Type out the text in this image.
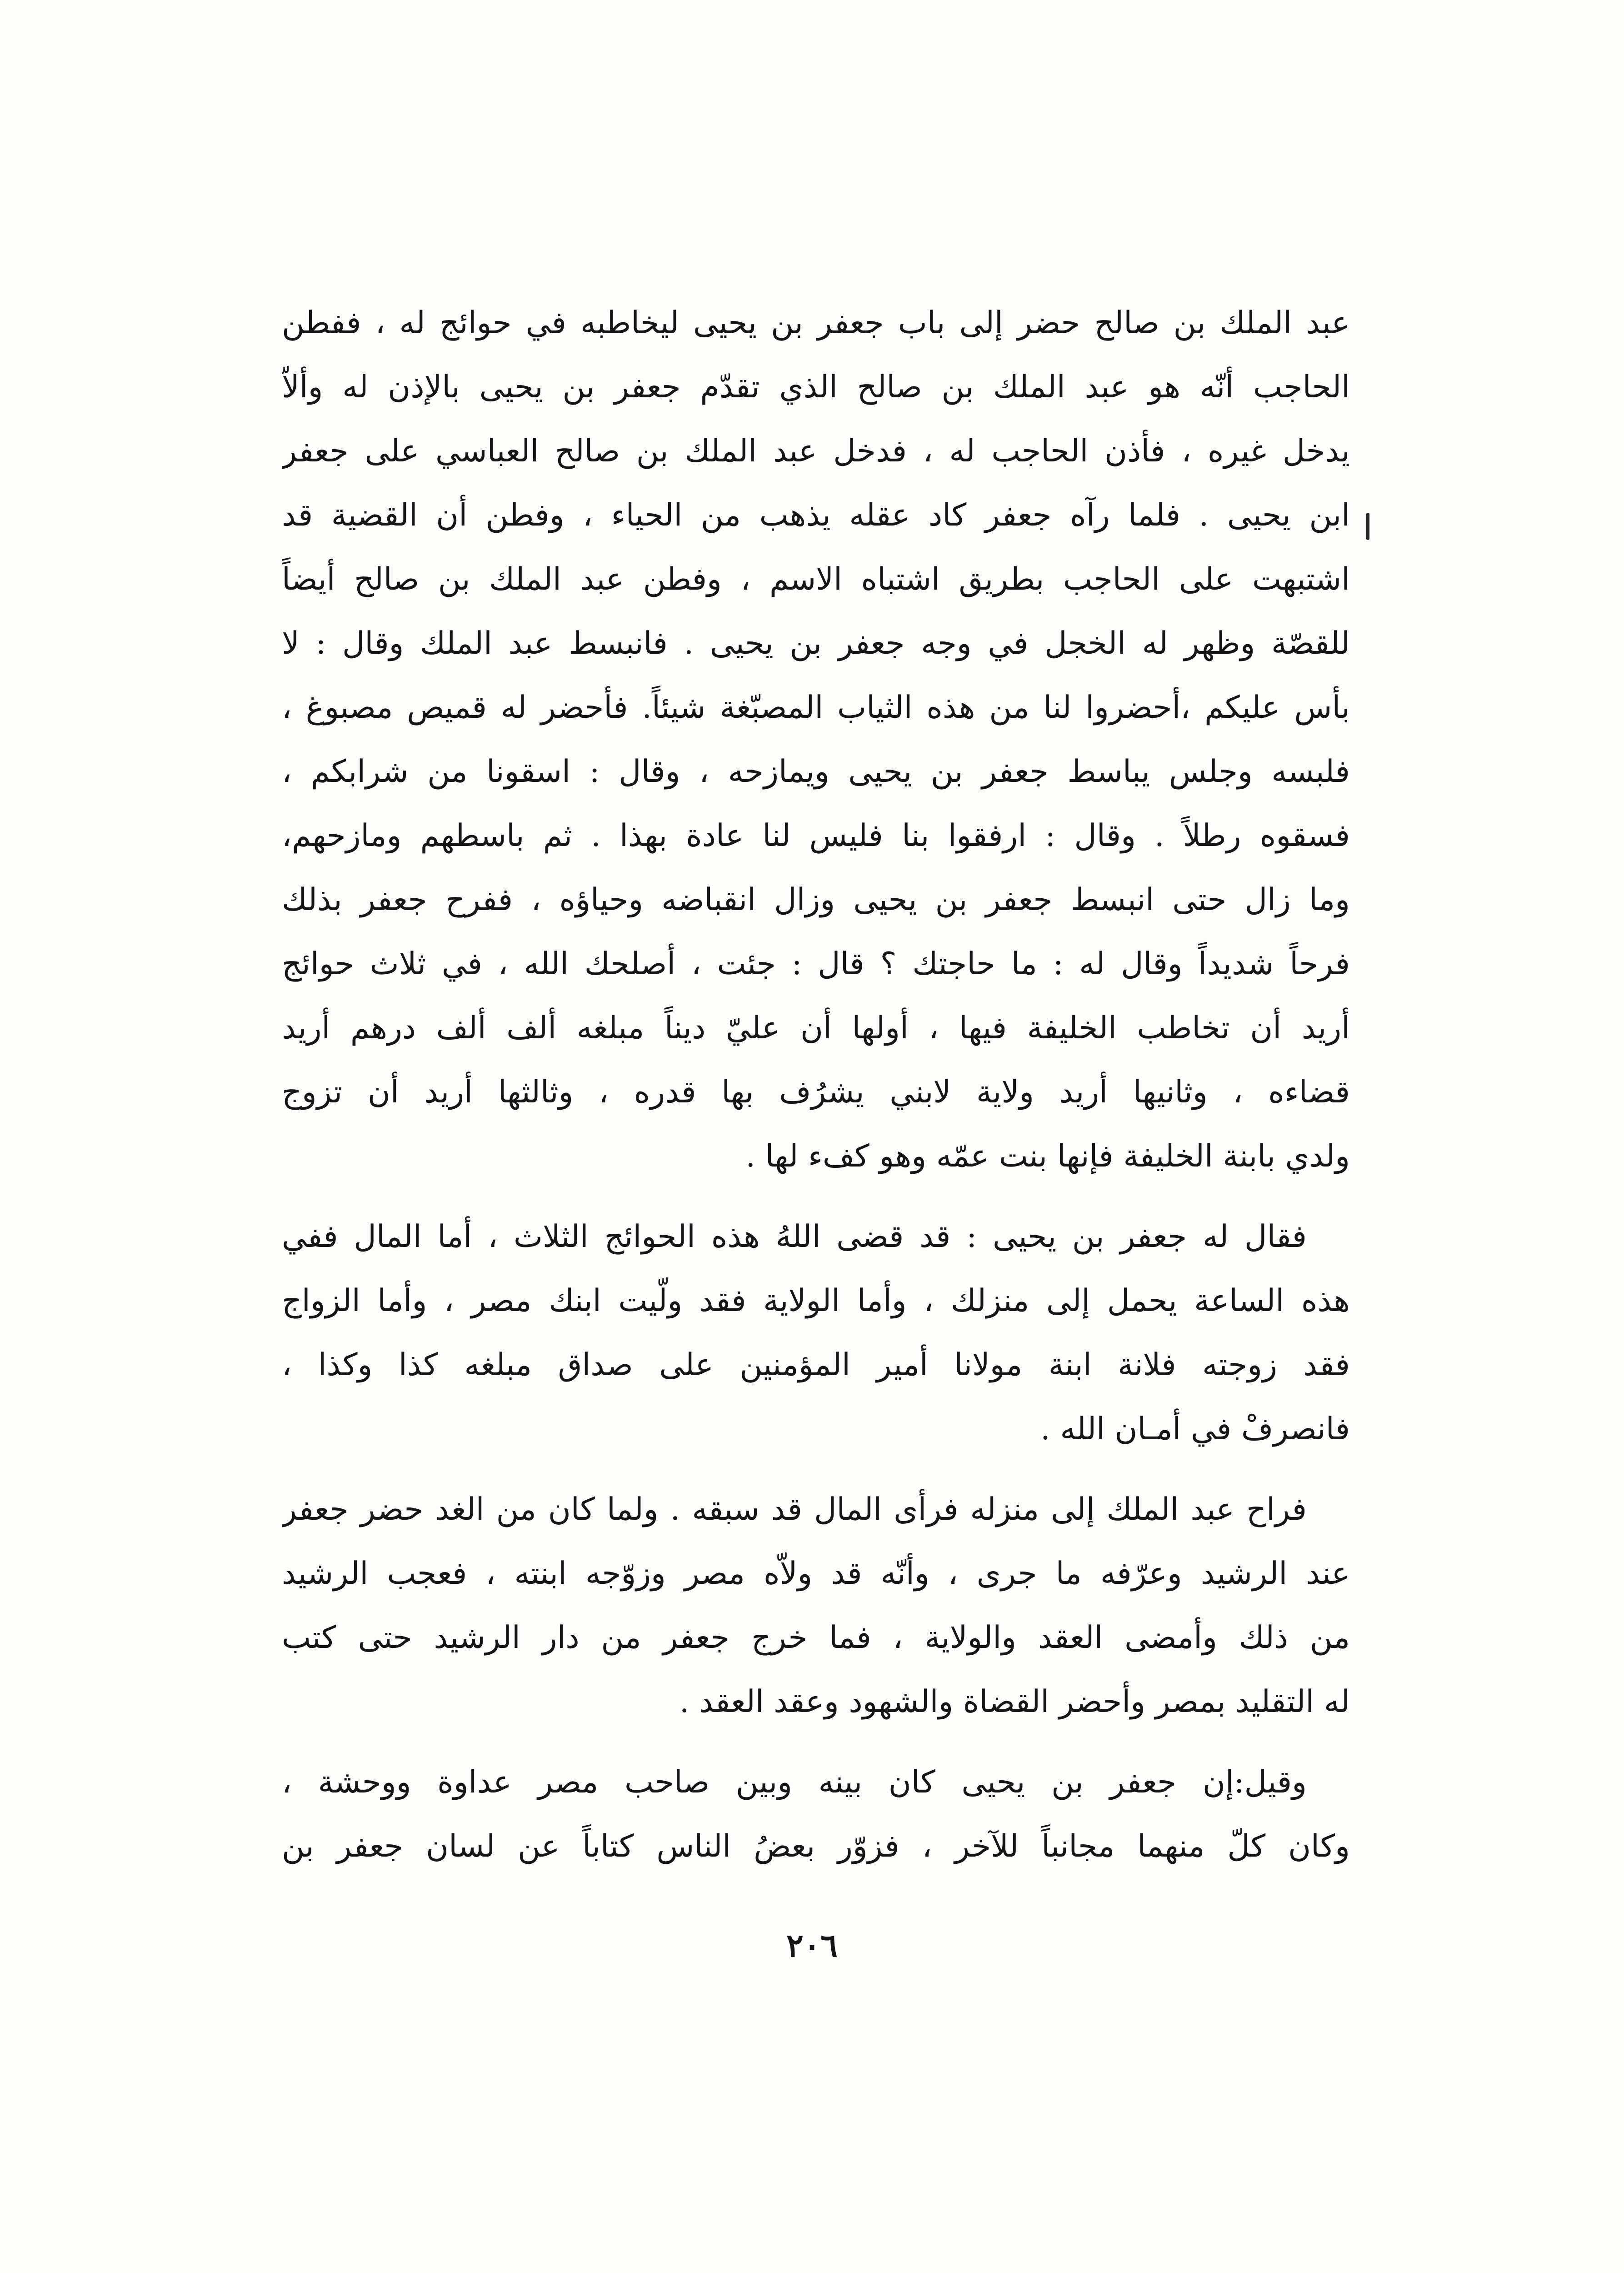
عبد الملك بن صالح حضر إلى باب جعفر بن يحيى ليخاطبه في حوائج له ، ففطن
الحاجب أنّه هو عبد الملك بن صالح الذي تقدّم جعفر بن يحيى بالإذن له وألاّ
يدخل غيره ، فأذن الحاجب له ، فدخل عبد الملك بن صالح العباسي على جعفر
ابن يحيى . فلما رآه جعفر كاد عقله يذهب من الحياء ، وفطن أن القضية قد
اشتبهت على الحاجب بطريق اشتباه الاسم ، وفطن عبد الملك بن صالح أيضاً
للقصّة وظهر له الخجل في وجه جعفر بن يحيى . فانبسط عبد الملك وقال : لا
بأس عليكم ،أحضروا لنا من هذه الثياب المصبّغة شيئاً. فأحضر له قميص مصبوغ ،
فلبسه وجلس يباسط جعفر بن يحيى ويمازحه ، وقال : اسقونا من شرابكم ،
فسقوه رطلاً . وقال : ارفقوا بنا فليس لنا عادة بهذا . ثم باسطهم ومازحهم،
وما زال حتى انبسط جعفر بن يحيى وزال انقباضه وحياؤه ، ففرح جعفر بذلك
فرحاً شديداً وقال له : ما حاجتك ؟ قال : جئت ، أصلحك الله ، في ثلاث حوائج
أريد أن تخاطب الخليفة فيها ، أولها أن عليّ ديناً مبلغه ألف ألف درهم أريد
قضاءه ، وثانيها أريد ولاية لابني يشرُف بها قدره ، وثالثها أريد أن تزوج
ولدي بابنة الخليفة فإنها بنت عمّه وهو كفء لها .
فقال له جعفر بن يحيى : قد قضى اللهُ هذه الحوائج الثلاث ، أما المال ففي
هذه الساعة يحمل إلى منزلك ، وأما الولاية فقد ولّيت ابنك مصر ، وأما الزواج
فقد زوجته فلانة ابنة مولانا أمير المؤمنين على صداق مبلغه كذا وكذا ،
فانصرفْ في أمـان الله .
فراح عبد الملك إلى منزله فرأى المال قد سبقه . ولما كان من الغد حضر جعفر
عند الرشيد وعرّفه ما جرى ، وأنّه قد ولاّه مصر وزوّجه ابنته ، فعجب الرشيد
من ذلك وأمضى العقد والولاية ، فما خرج جعفر من دار الرشيد حتى كتب
له التقليد بمصر وأحضر القضاة والشهود وعقد العقد .
وقيل:إن جعفر بن يحيى كان بينه وبين صاحب مصر عداوة ووحشة ،
وكان كلّ منهما مجانباً للآخر ، فزوّر بعضُ الناس كتاباً عن لسان جعفر بن
٢٠٦
